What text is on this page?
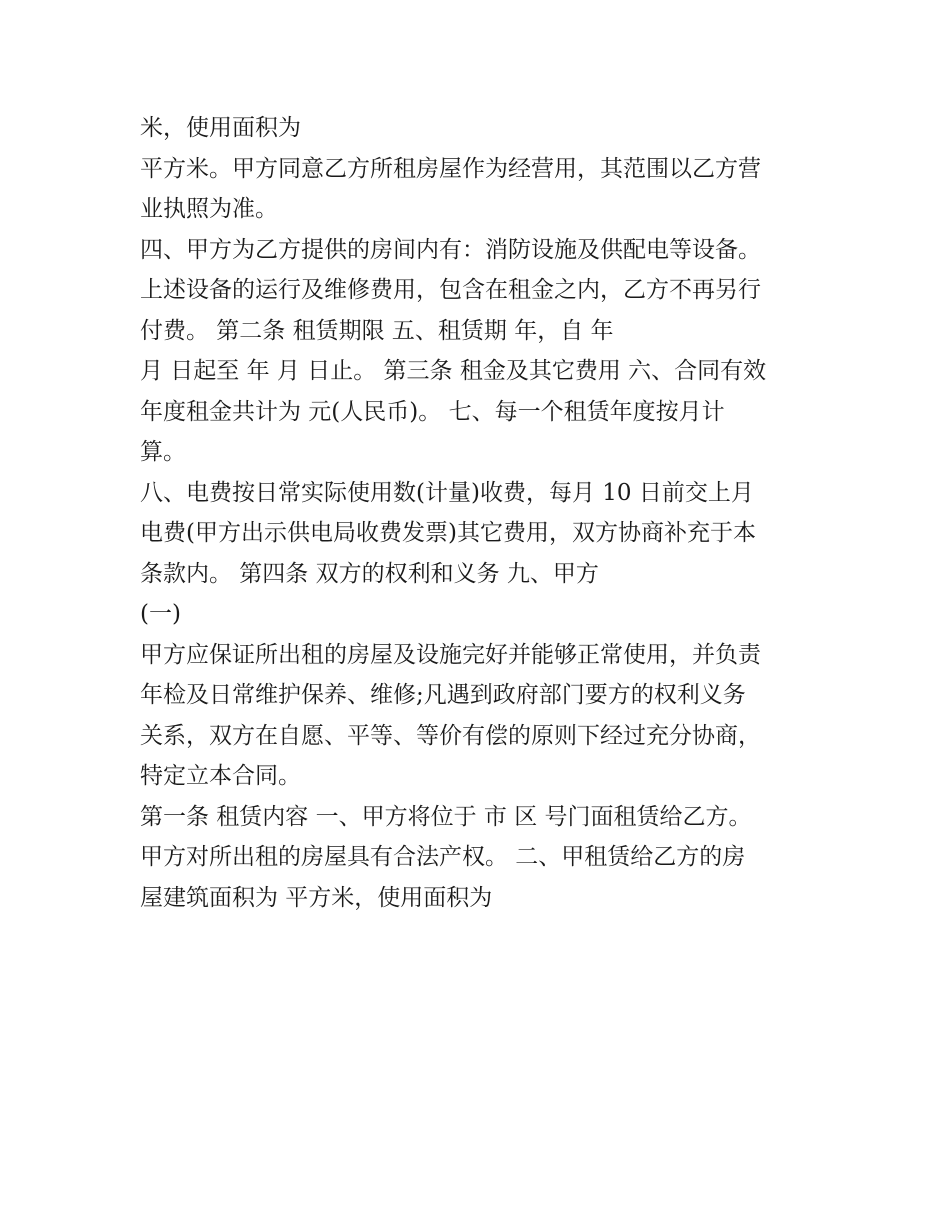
米，使用面积为
平方米。甲方同意乙方所租房屋作为经营用，其范围以乙方营
业执照为准。
四、甲方为乙方提供的房间内有：消防设施及供配电等设备。
上述设备的运行及维修费用，包含在租金之内，乙方不再另行
付费。 第二条 租赁期限 五、租赁期 年，自 年
月 日起至 年 月 日止。 第三条 租金及其它费用 六、合同有效
年度租金共计为 元(人民币)。 七、每一个租赁年度按月计
算。
八、电费按日常实际使用数(计量)收费，每月 10 日前交上月
电费(甲方出示供电局收费发票)其它费用，双方协商补充于本
条款内。 第四条 双方的权利和义务 九、甲方
(一)
甲方应保证所出租的房屋及设施完好并能够正常使用，并负责
年检及日常维护保养、维修;凡遇到政府部门要方的权利义务
关系，双方在自愿、平等、等价有偿的原则下经过充分协商，
特定立本合同。
第一条 租赁内容 一、甲方将位于 市 区 号门面租赁给乙方。
甲方对所出租的房屋具有合法产权。 二、甲租赁给乙方的房
屋建筑面积为 平方米，使用面积为
